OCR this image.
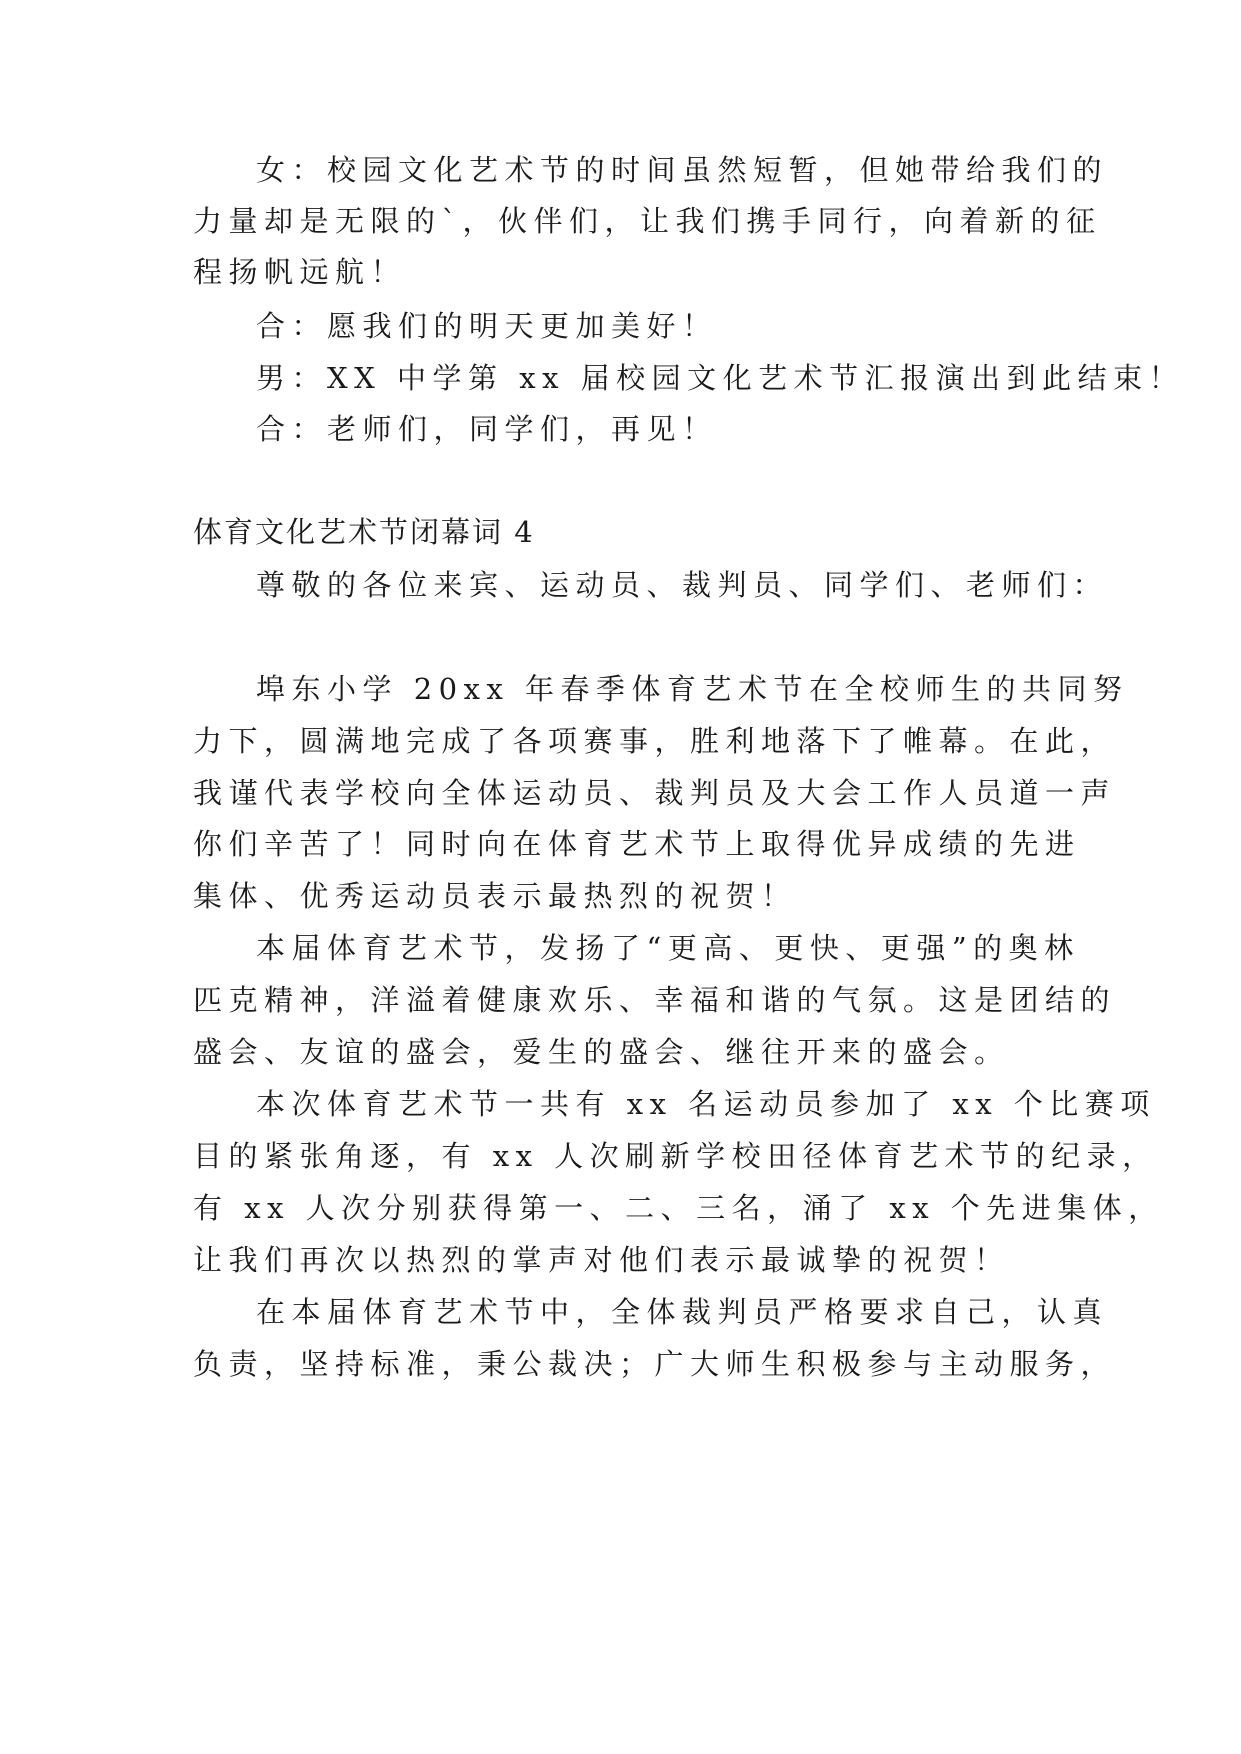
女：校园文化艺术节的时间虽然短暂，但她带给我们的
力量却是无限的`，伙伴们，让我们携手同行，向着新的征
程扬帆远航！
合：愿我们的明天更加美好！
男：XX 中学第 xx 届校园文化艺术节汇报演出到此结束！
合：老师们，同学们，再见！
体育文化艺术节闭幕词 4
尊敬的各位来宾、运动员、裁判员、同学们、老师们：
埠东小学 20xx 年春季体育艺术节在全校师生的共同努
力下，圆满地完成了各项赛事，胜利地落下了帷幕。在此，
我谨代表学校向全体运动员、裁判员及大会工作人员道一声
你们辛苦了！同时向在体育艺术节上取得优异成绩的先进
集体、优秀运动员表示最热烈的祝贺！
本届体育艺术节，发扬了“更高、更快、更强”的奥林
匹克精神，洋溢着健康欢乐、幸福和谐的气氛。这是团结的
盛会、友谊的盛会，爱生的盛会、继往开来的盛会。
本次体育艺术节一共有 xx 名运动员参加了 xx 个比赛项
目的紧张角逐，有 xx 人次刷新学校田径体育艺术节的纪录，
有 xx 人次分别获得第一、二、三名，涌了 xx 个先进集体，
让我们再次以热烈的掌声对他们表示最诚挚的祝贺！
在本届体育艺术节中，全体裁判员严格要求自己，认真
负责，坚持标准，秉公裁决；广大师生积极参与主动服务，
